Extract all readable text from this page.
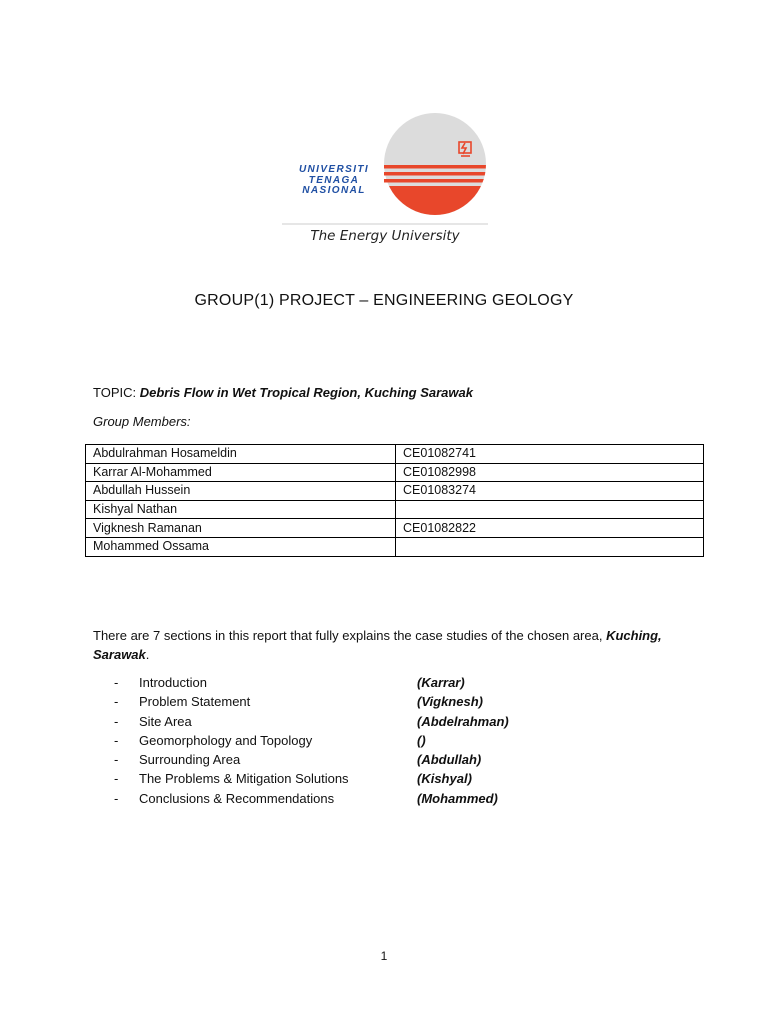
UNIVERSITI
TENAGA
NASIONAL
The Energy University
GROUP(1) PROJECT – ENGINEERING GEOLOGY
TOPIC: Debris Flow in Wet Tropical Region, Kuching Sarawak
Group Members:
Abdulrahman Hosameldin	CE01082741
Karrar Al-Mohammed	CE01082998
Abdullah Hussein	CE01083274
Kishyal Nathan	
Vigknesh Ramanan	CE01082822
Mohammed Ossama	
There are 7 sections in this report that fully explains the case studies of the chosen area, Kuching, Sarawak.
- Introduction	(Karrar)
- Problem Statement	(Vigknesh)
- Site Area	(Abdelrahman)
- Geomorphology and Topology	()
- Surrounding Area	(Abdullah)
- The Problems & Mitigation Solutions	(Kishyal)
- Conclusions & Recommendations	(Mohammed)
1
